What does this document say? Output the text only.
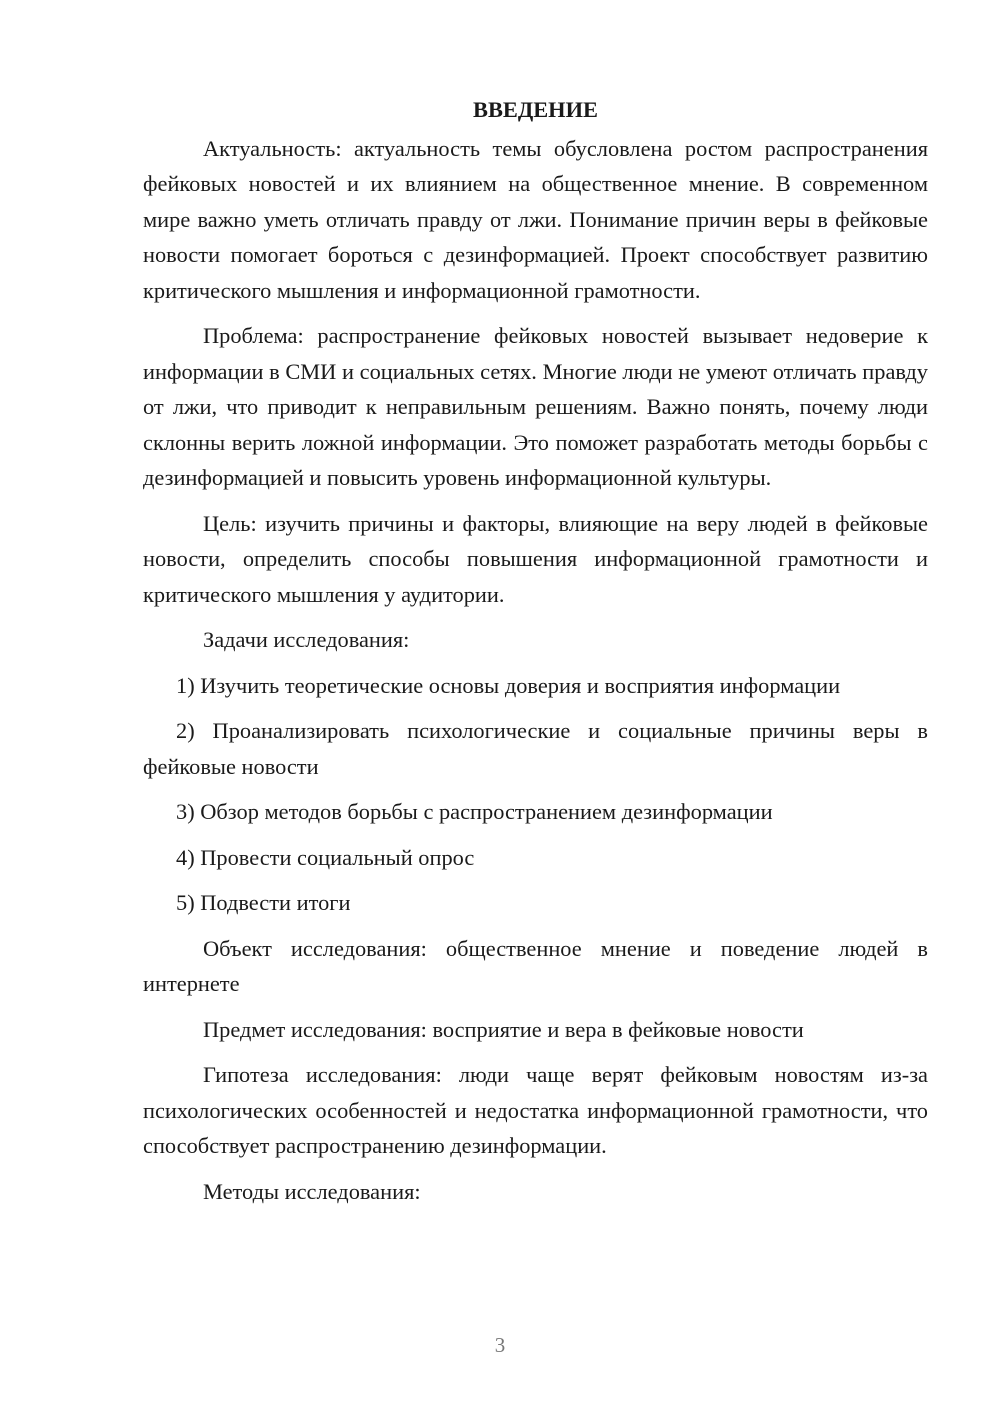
ВВЕДЕНИЕ

Актуальность: актуальность темы обусловлена ростом распространения фейковых новостей и их влиянием на общественное мнение. В современном мире важно уметь отличать правду от лжи. Понимание причин веры в фейковые новости помогает бороться с дезинформацией. Проект способствует развитию критического мышления и информационной грамотности.

Проблема: распространение фейковых новостей вызывает недоверие к информации в СМИ и социальных сетях. Многие люди не умеют отличать правду от лжи, что приводит к неправильным решениям. Важно понять, почему люди склонны верить ложной информации. Это поможет разработать методы борьбы с дезинформацией и повысить уровень информационной культуры.

Цель: изучить причины и факторы, влияющие на веру людей в фейковые новости, определить способы повышения информационной грамотности и критического мышления у аудитории.

Задачи исследования:

1) Изучить теоретические основы доверия и восприятия информации

2) Проанализировать психологические и социальные причины веры в фейковые новости

3) Обзор методов борьбы с распространением дезинформации

4) Провести социальный опрос

5) Подвести итоги

Объект исследования: общественное мнение и поведение людей в интернете

Предмет исследования: восприятие и вера в фейковые новости

Гипотеза исследования: люди чаще верят фейковым новостям из-за психологических особенностей и недостатка информационной грамотности, что способствует распространению дезинформации.

Методы исследования:

3
